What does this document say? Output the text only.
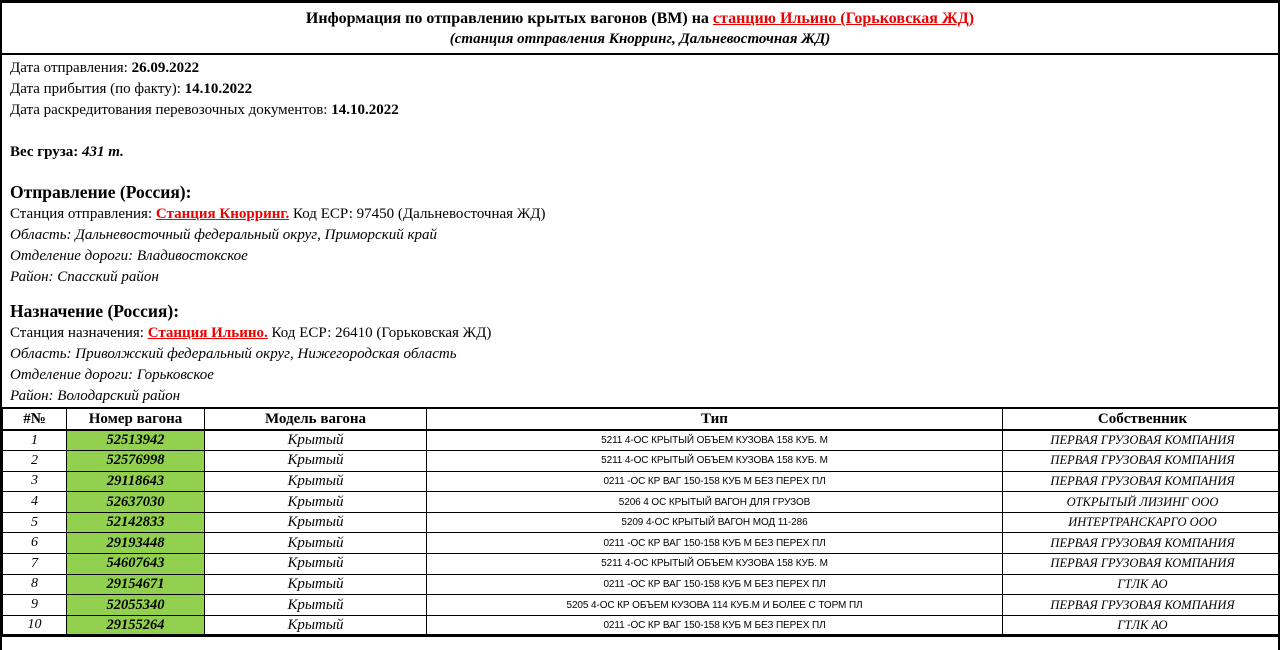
Информация по отправлению крытых вагонов (ВМ) на станцию Ильино (Горьковская ЖД)
(станция отправления Кнорринг, Дальневосточная ЖД)
Дата отправления: 26.09.2022
Дата прибытия (по факту): 14.10.2022
Дата раскредитования перевозочных документов: 14.10.2022
Вес груза: 431 т.
Отправление (Россия):
Станция отправления: Станция Кнорринг. Код ЕСР: 97450 (Дальневосточная ЖД)
Область: Дальневосточный федеральный округ, Приморский край
Отделение дороги: Владивостокское
Район: Спасский район
Назначение (Россия):
Станция назначения: Станция Ильино. Код ЕСР: 26410 (Горьковская ЖД)
Область: Приволжский федеральный округ, Нижегородская область
Отделение дороги: Горьковское
Район: Володарский район
#№	Номер вагона	Модель вагона	Тип	Собственник
1	52513942	Крытый	5211 4-ОС КРЫТЫЙ ОБЪЕМ КУЗОВА 158 КУБ. М	ПЕРВАЯ ГРУЗОВАЯ КОМПАНИЯ
2	52576998	Крытый	5211 4-ОС КРЫТЫЙ ОБЪЕМ КУЗОВА 158 КУБ. М	ПЕРВАЯ ГРУЗОВАЯ КОМПАНИЯ
3	29118643	Крытый	0211 -ОС КР ВАГ 150-158 КУБ М БЕЗ ПЕРЕХ ПЛ	ПЕРВАЯ ГРУЗОВАЯ КОМПАНИЯ
4	52637030	Крытый	5206 4 ОС КРЫТЫЙ ВАГОН ДЛЯ ГРУЗОВ	ОТКРЫТЫЙ ЛИЗИНГ ООО
5	52142833	Крытый	5209 4-ОС КРЫТЫЙ ВАГОН МОД 11-286	ИНТЕРТРАНСКАРГО ООО
6	29193448	Крытый	0211 -ОС КР ВАГ 150-158 КУБ М БЕЗ ПЕРЕХ ПЛ	ПЕРВАЯ ГРУЗОВАЯ КОМПАНИЯ
7	54607643	Крытый	5211 4-ОС КРЫТЫЙ ОБЪЕМ КУЗОВА 158 КУБ. М	ПЕРВАЯ ГРУЗОВАЯ КОМПАНИЯ
8	29154671	Крытый	0211 -ОС КР ВАГ 150-158 КУБ М БЕЗ ПЕРЕХ ПЛ	ГТЛК АО
9	52055340	Крытый	5205 4-ОС КР ОБЪЕМ КУЗОВА 114 КУБ.М И БОЛЕЕ С ТОРМ ПЛ	ПЕРВАЯ ГРУЗОВАЯ КОМПАНИЯ
10	29155264	Крытый	0211 -ОС КР ВАГ 150-158 КУБ М БЕЗ ПЕРЕХ ПЛ	ГТЛК АО
